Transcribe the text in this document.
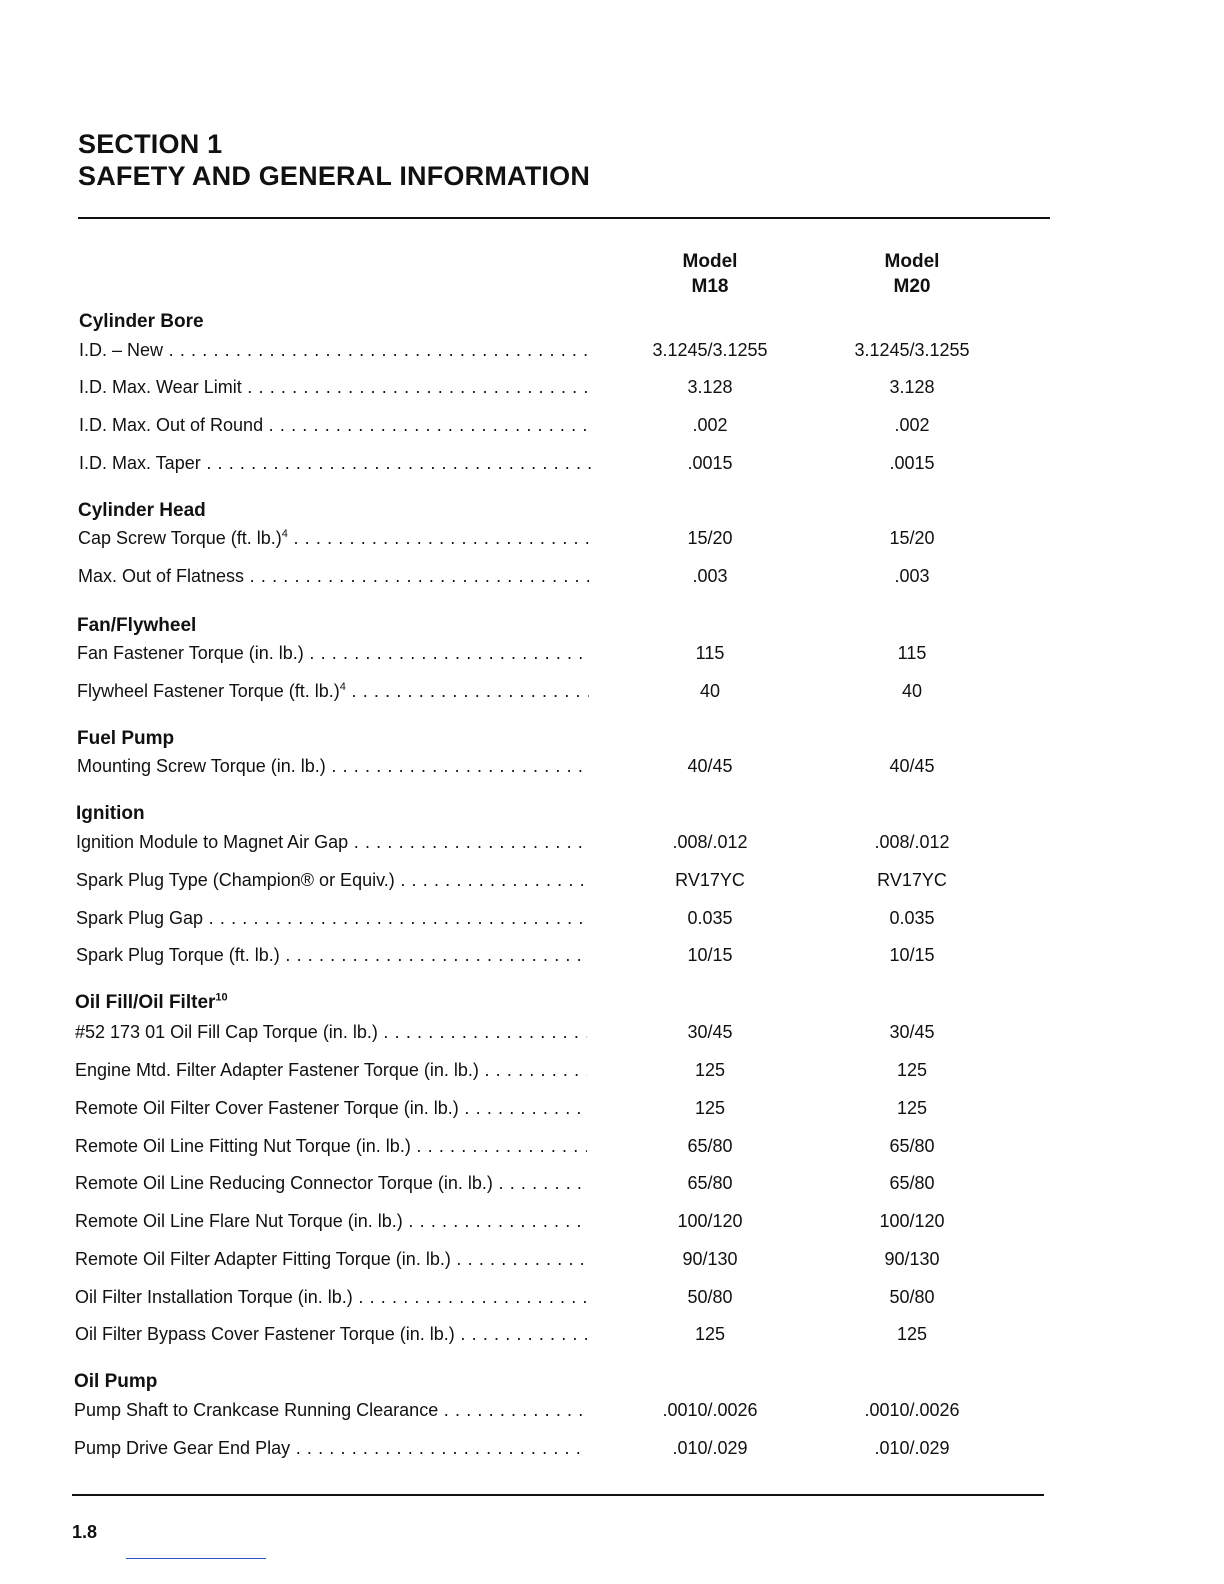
SECTION 1
SAFETY AND GENERAL INFORMATION
Model
M18
Model
M20
Cylinder Bore
I.D. – New . . .	3.1245/3.1255	3.1245/3.1255
I.D. Max. Wear Limit . . .	3.128	3.128
I.D. Max. Out of Round . . .	.002	.002
I.D. Max. Taper . . .	.0015	.0015
Cylinder Head
Cap Screw Torque (ft. lb.)$^4$ . . .	15/20	15/20
Max. Out of Flatness . . .	.003	.003
Fan/Flywheel
Fan Fastener Torque (in. lb.) . . .	115	115
Flywheel Fastener Torque (ft. lb.)$^4$ . . .	40	40
Fuel Pump
Mounting Screw Torque (in. lb.) . . .	40/45	40/45
Ignition
Ignition Module to Magnet Air Gap . . .	.008/.012	.008/.012
Spark Plug Type (Champion® or Equiv.) . . .	RV17YC	RV17YC
Spark Plug Gap . . .	0.035	0.035
Spark Plug Torque (ft. lb.) . . .	10/15	10/15
Oil Fill/Oil Filter$^{10}$
#52 173 01 Oil Fill Cap Torque (in. lb.) . . .	30/45	30/45
Engine Mtd. Filter Adapter Fastener Torque (in. lb.) . . .	125	125
Remote Oil Filter Cover Fastener Torque (in. lb.) . . .	125	125
Remote Oil Line Fitting Nut Torque (in. lb.) . . .	65/80	65/80
Remote Oil Line Reducing Connector Torque (in. lb.) . . .	65/80	65/80
Remote Oil Line Flare Nut Torque (in. lb.) . . .	100/120	100/120
Remote Oil Filter Adapter Fitting Torque (in. lb.) . . .	90/130	90/130
Oil Filter Installation Torque (in. lb.) . . .	50/80	50/80
Oil Filter Bypass Cover Fastener Torque (in. lb.) . . .	125	125
Oil Pump
Pump Shaft to Crankcase Running Clearance . . .	.0010/.0026	.0010/.0026
Pump Drive Gear End Play . . .	.010/.029	.010/.029
1.8
